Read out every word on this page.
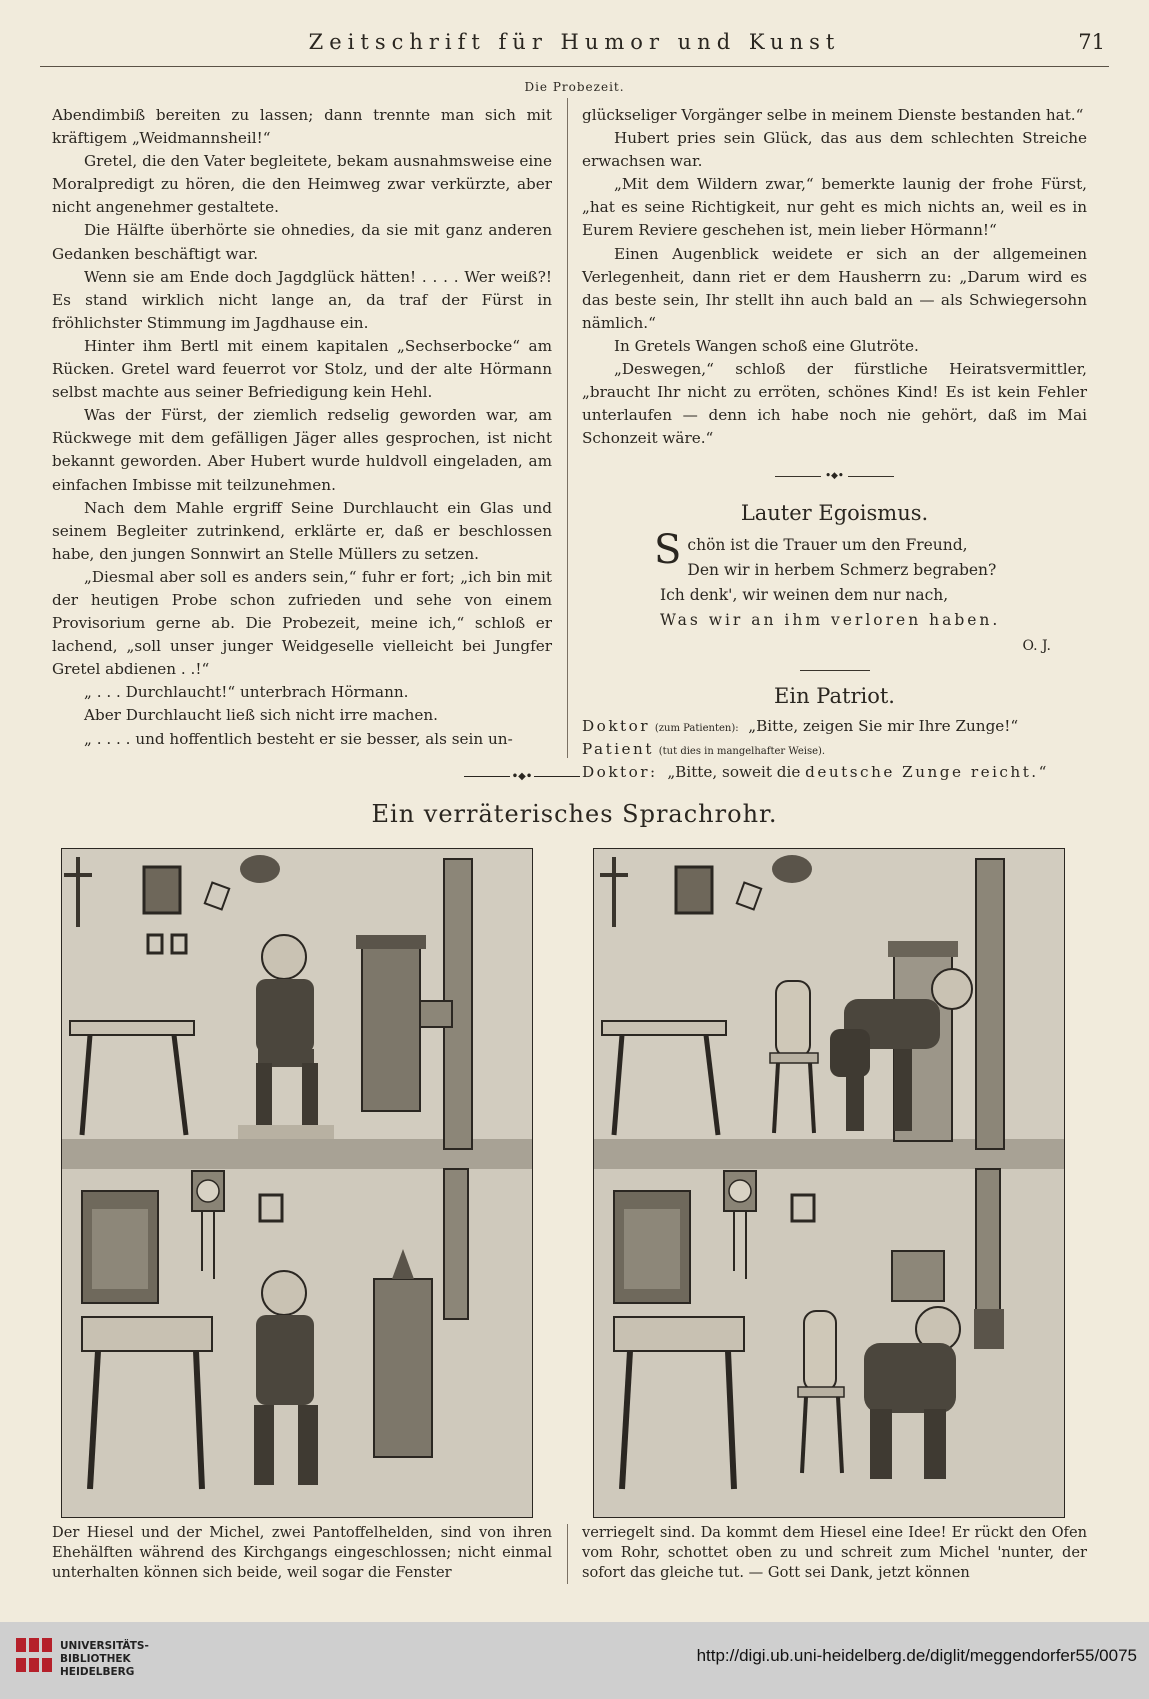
Zeitschrift für Humor und Kunst	71
Die Probezeit.

Abendimbiß bereiten zu lassen; dann trennte man sich mit kräftigem „Weidmannsheil!“

Gretel, die den Vater begleitete, bekam ausnahmsweise eine Moralpredigt zu hören, die den Heimweg zwar verkürzte, aber nicht angenehmer gestaltete.

Die Hälfte überhörte sie ohnedies, da sie mit ganz anderen Gedanken beschäftigt war.

Wenn sie am Ende doch Jagdglück hätten! . . . . Wer weiß?! Es stand wirklich nicht lange an, da traf der Fürst in fröhlichster Stimmung im Jagdhause ein.

Hinter ihm Bertl mit einem kapitalen „Sechserbocke“ am Rücken. Gretel ward feuerrot vor Stolz, und der alte Hörmann selbst machte aus seiner Befriedigung kein Hehl.

Was der Fürst, der ziemlich redselig geworden war, am Rückwege mit dem gefälligen Jäger alles gesprochen, ist nicht bekannt geworden. Aber Hubert wurde huldvoll eingeladen, am einfachen Imbisse mit teilzunehmen.

Nach dem Mahle ergriff Seine Durchlaucht ein Glas und seinem Begleiter zutrinkend, erklärte er, daß er beschlossen habe, den jungen Sonnwirt an Stelle Müllers zu setzen.

„Diesmal aber soll es anders sein,“ fuhr er fort; „ich bin mit der heutigen Probe schon zufrieden und sehe von einem Provisorium gerne ab. Die Probezeit, meine ich,“ schloß er lachend, „soll unser junger Weidgeselle vielleicht bei Jungfer Gretel abdienen . .!“

„ . . . Durchlaucht!“ unterbrach Hörmann.

Aber Durchlaucht ließ sich nicht irre machen.

„ . . . . und hoffentlich besteht er sie besser, als sein un-

glückseliger Vorgänger selbe in meinem Dienste bestanden hat.“

Hubert pries sein Glück, das aus dem schlechten Streiche erwachsen war.

„Mit dem Wildern zwar,“ bemerkte launig der frohe Fürst, „hat es seine Richtigkeit, nur geht es mich nichts an, weil es in Eurem Reviere geschehen ist, mein lieber Hörmann!“

Einen Augenblick weidete er sich an der allgemeinen Verlegenheit, dann riet er dem Hausherrn zu: „Darum wird es das beste sein, Ihr stellt ihn auch bald an — als Schwiegersohn nämlich.“

In Gretels Wangen schoß eine Glutröte.

„Deswegen,“ schloß der fürstliche Heiratsvermittler, „braucht Ihr nicht zu erröten, schönes Kind! Es ist kein Fehler unterlaufen — denn ich habe noch nie gehört, daß im Mai Schonzeit wäre.“

•◆•
Lauter Egoismus.
Schön ist die Trauer um den Freund,
Den wir in herbem Schmerz begraben?
Ich denk', wir weinen dem nur nach,
Was wir an ihm verloren haben.
O. J.
Ein Patriot.
Doktor (zum Patienten): „Bitte, zeigen Sie mir Ihre Zunge!“
Patient (tut dies in mangelhafter Weise).
Doktor: „Bitte, soweit die deutsche Zunge reicht.“
•◆•
Ein verräterisches Sprachrohr.
Der Hiesel und der Michel, zwei Pantoffelhelden, sind von ihren Ehehälften während des Kirchgangs eingeschlossen; nicht einmal unterhalten können sich beide, weil sogar die Fenster
verriegelt sind. Da kommt dem Hiesel eine Idee! Er rückt den Ofen vom Rohr, schottet oben zu und schreit zum Michel 'nunter, der sofort das gleiche tut. — Gott sei Dank, jetzt können
UNIVERSITÄTS-
BIBLIOTHEK
HEIDELBERG
http://digi.ub.uni-heidelberg.de/diglit/meggendorfer55/0075
